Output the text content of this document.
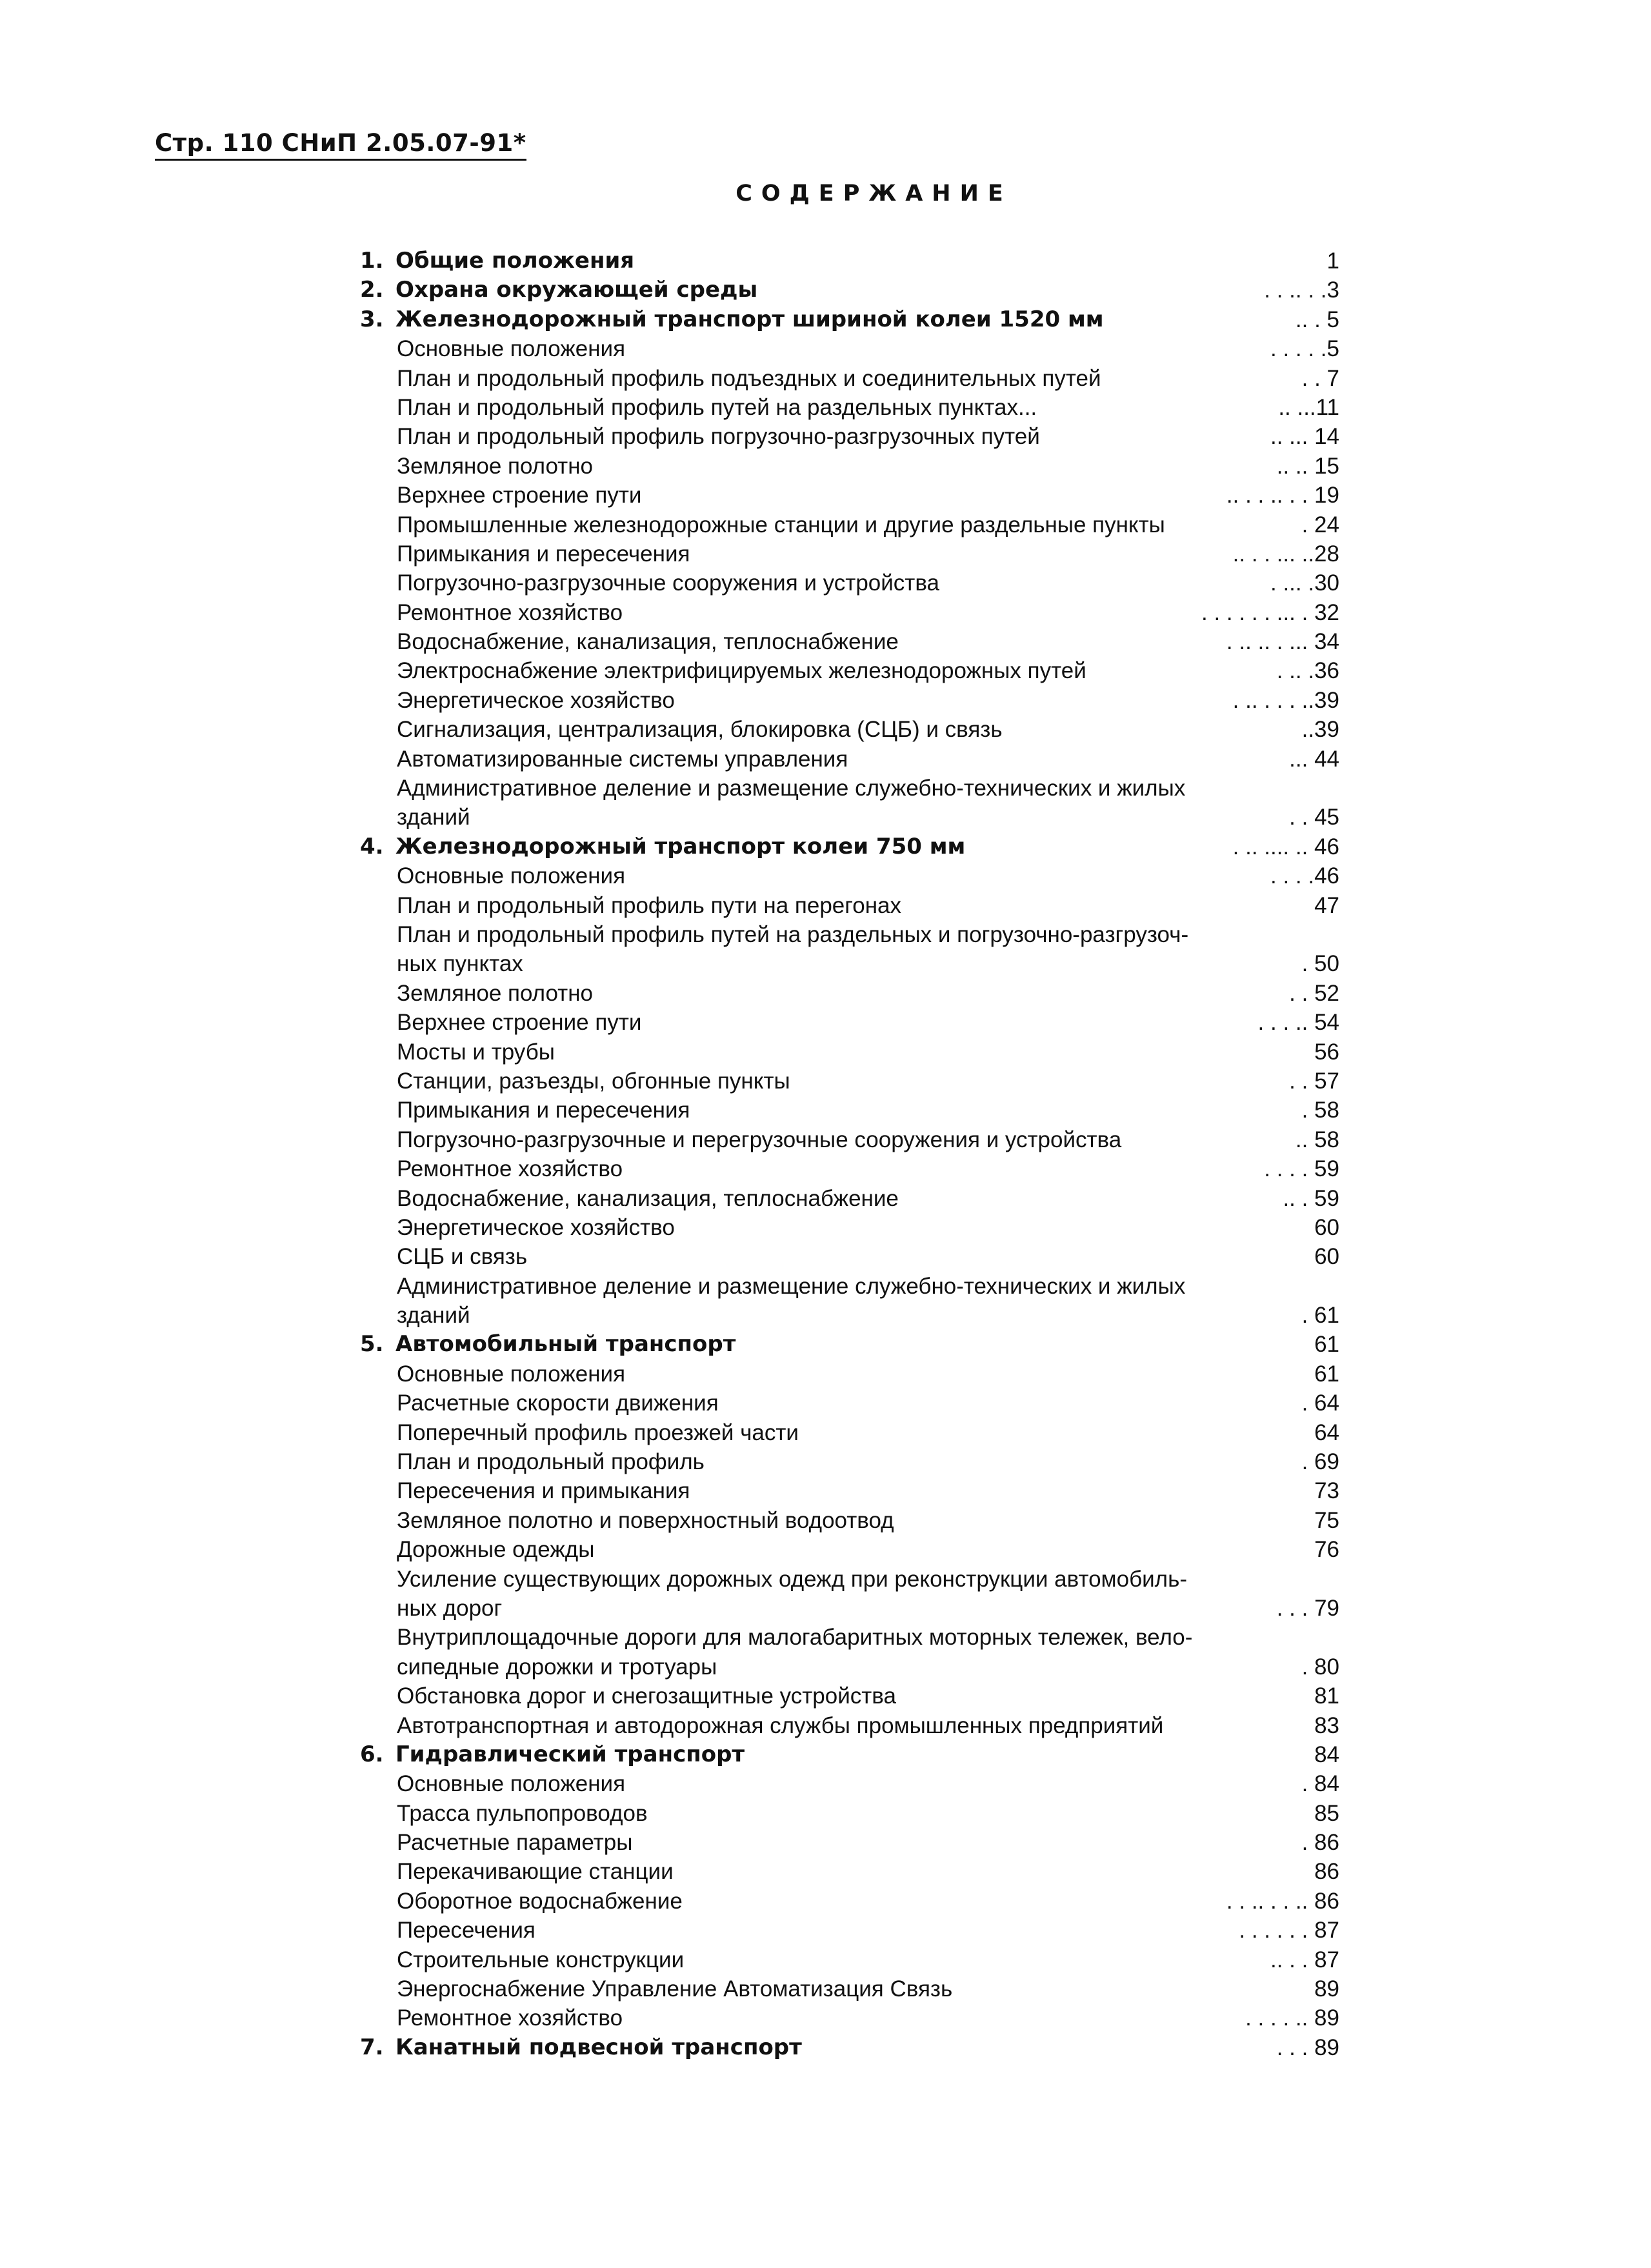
Стр. 110 СНиП 2.05.07-91*
СОДЕРЖАНИЕ
1. Общие положения	1
2. Охрана окружающей среды	. . .. . .3
3. Железнодорожный транспорт шириной колеи 1520 мм	.. . 5
Основные положения	. . . . .5
План и продольный профиль подъездных и соединительных путей	. . 7
План и продольный профиль путей на раздельных пунктах...	.. ...11
План и продольный профиль погрузочно-разгрузочных путей	.. ... 14
Земляное полотно	.. .. 15
Верхнее строение пути	.. . . .. . . 19
Промышленные железнодорожные станции и другие раздельные пункты	. 24
Примыкания и пересечения	.. . . ... ..28
Погрузочно-разгрузочные сооружения и устройства	. ... .30
Ремонтное хозяйство	. . . . . . ... . 32
Водоснабжение, канализация, теплоснабжение	. .. .. . ... 34
Электроснабжение электрифицируемых железнодорожных путей	. .. .36
Энергетическое хозяйство	. .. . . . ..39
Сигнализация, централизация, блокировка (СЦБ) и связь	..39
Автоматизированные системы управления	... 44
Административное деление и размещение служебно-технических и жилых
зданий	. . 45
4. Железнодорожный транспорт колеи 750 мм	. .. .... .. 46
Основные положения	. . . .46
План и продольный профиль пути на перегонах	47
План и продольный профиль путей на раздельных и погрузочно-разгрузоч-
ных пунктах	. 50
Земляное полотно	. . 52
Верхнее строение пути	. . . .. 54
Мосты и трубы	56
Станции, разъезды, обгонные пункты	. . 57
Примыкания и пересечения	. 58
Погрузочно-разгрузочные и перегрузочные сооружения и устройства	.. 58
Ремонтное хозяйство	. . . . 59
Водоснабжение, канализация, теплоснабжение	.. . 59
Энергетическое хозяйство	60
СЦБ и связь	60
Административное деление и размещение служебно-технических и жилых
зданий	. 61
5. Автомобильный транспорт	61
Основные положения	61
Расчетные скорости движения	. 64
Поперечный профиль проезжей части	64
План и продольный профиль	. 69
Пересечения и примыкания	73
Земляное полотно и поверхностный водоотвод	75
Дорожные одежды	76
Усиление существующих дорожных одежд при реконструкции автомобиль-
ных дорог	. . . 79
Внутриплощадочные дороги для малогабаритных моторных тележек, вело-
сипедные дорожки и тротуары	. 80
Обстановка дорог и снегозащитные устройства	81
Автотранспортная и автодорожная службы промышленных предприятий	83
6. Гидравлический транспорт	84
Основные положения	. 84
Трасса пульпопроводов	85
Расчетные параметры	. 86
Перекачивающие станции	86
Оборотное водоснабжение	. . .. . . .. 86
Пересечения	. . . . . . 87
Строительные конструкции	.. . . 87
Энергоснабжение Управление Автоматизация Связь	89
Ремонтное хозяйство	. . . . .. 89
7. Канатный подвесной транспорт	. . . 89
